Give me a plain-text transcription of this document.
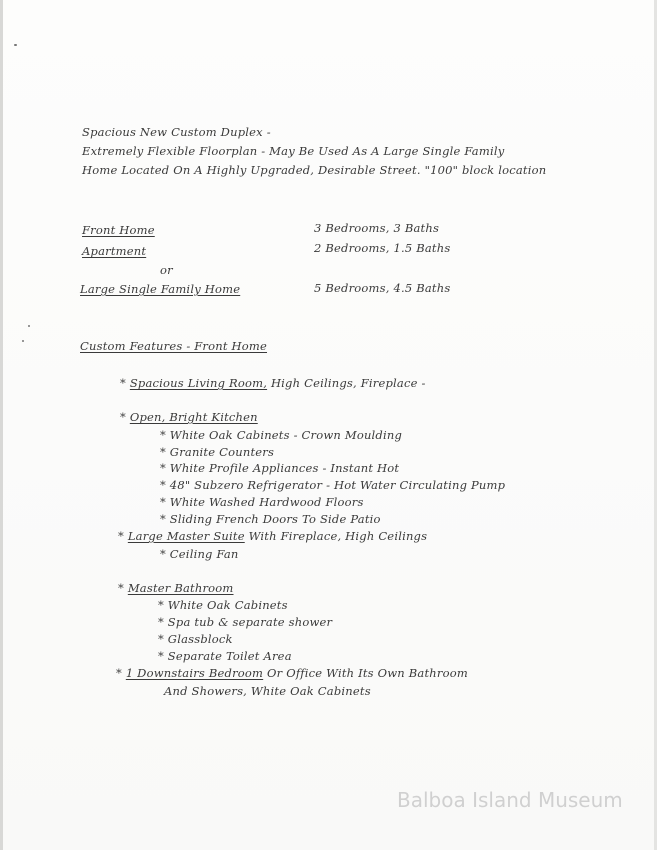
Spacious New Custom Duplex -
Extremely Flexible Floorplan - May Be Used As A Large Single Family
Home Located On A Highly Upgraded, Desirable Street. "100" block location
Front Home	3 Bedrooms, 3 Baths
Apartment	2 Bedrooms, 1.5 Baths
or
Large Single Family Home	5 Bedrooms, 4.5 Baths
Custom Features - Front Home
* Spacious Living Room, High Ceilings, Fireplace -
* Open, Bright Kitchen
* White Oak Cabinets - Crown Moulding
* Granite Counters
* White Profile Appliances - Instant Hot
* 48" Subzero Refrigerator - Hot Water Circulating Pump
* White Washed Hardwood Floors
* Sliding French Doors To Side Patio
* Large Master Suite With Fireplace, High Ceilings
* Ceiling Fan
* Master Bathroom
* White Oak Cabinets
* Spa tub & separate shower
* Glassblock
* Separate Toilet Area
* 1 Downstairs Bedroom Or Office With Its Own Bathroom
And Showers, White Oak Cabinets
Balboa Island Museum
